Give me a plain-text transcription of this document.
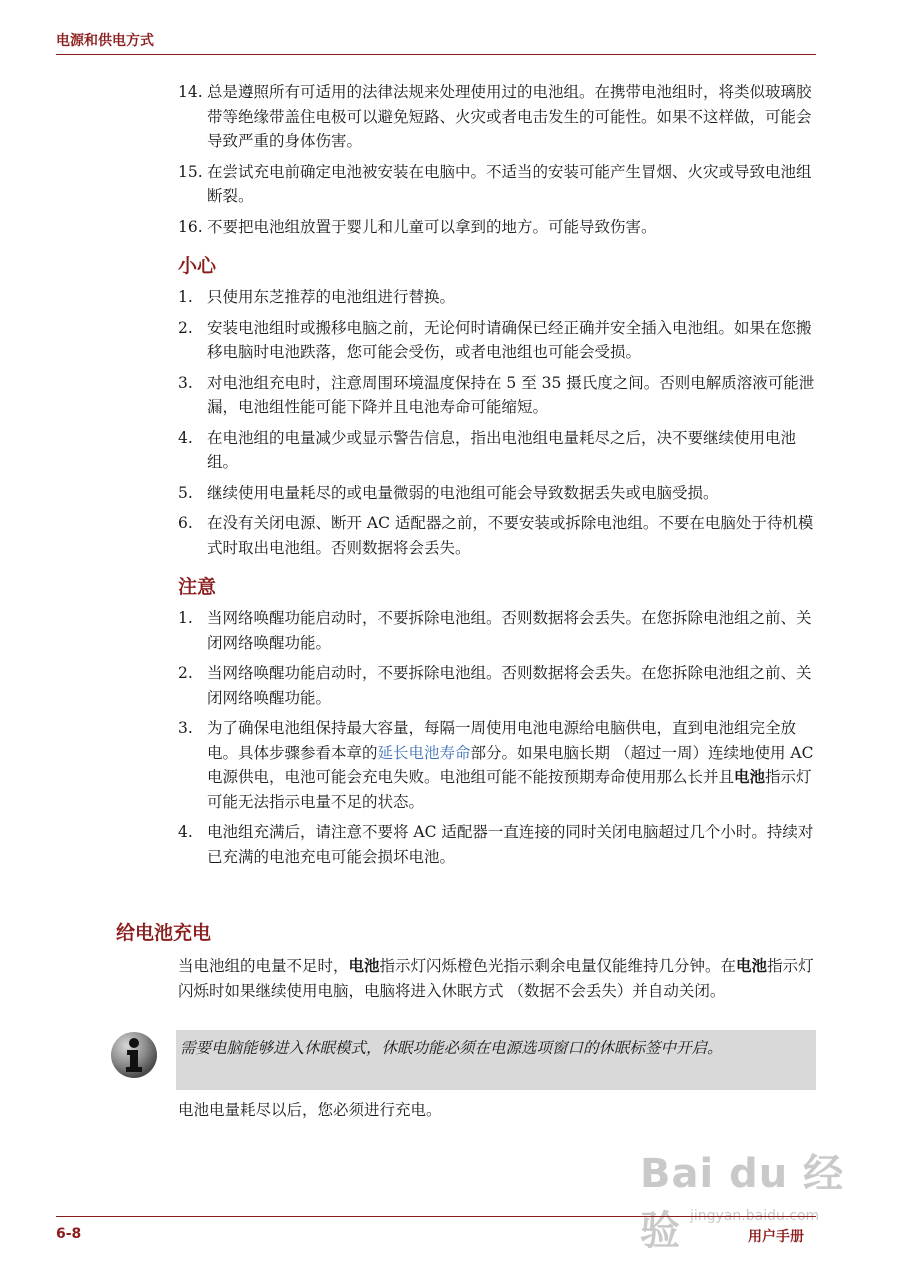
电源和供电方式
14. 总是遵照所有可适用的法律法规来处理使用过的电池组。在携带电池组时，将类似玻璃胶带等绝缘带盖住电极可以避免短路、火灾或者电击发生的可能性。如果不这样做，可能会导致严重的身体伤害。
15. 在尝试充电前确定电池被安装在电脑中。不适当的安装可能产生冒烟、火灾或导致电池组断裂。
16. 不要把电池组放置于婴儿和儿童可以拿到的地方。可能导致伤害。
小心
1. 只使用东芝推荐的电池组进行替换。
2. 安装电池组时或搬移电脑之前，无论何时请确保已经正确并安全插入电池组。如果在您搬移电脑时电池跌落，您可能会受伤，或者电池组也可能会受损。
3. 对电池组充电时，注意周围环境温度保持在 5 至 35 摄氏度之间。否则电解质溶液可能泄漏，电池组性能可能下降并且电池寿命可能缩短。
4. 在电池组的电量减少或显示警告信息，指出电池组电量耗尽之后，决不要继续使用电池组。
5. 继续使用电量耗尽的或电量微弱的电池组可能会导致数据丢失或电脑受损。
6. 在没有关闭电源、断开 AC 适配器之前，不要安装或拆除电池组。不要在电脑处于待机模式时取出电池组。否则数据将会丢失。
注意
1. 当网络唤醒功能启动时，不要拆除电池组。否则数据将会丢失。在您拆除电池组之前、关闭网络唤醒功能。
2. 当网络唤醒功能启动时，不要拆除电池组。否则数据将会丢失。在您拆除电池组之前、关闭网络唤醒功能。
3. 为了确保电池组保持最大容量，每隔一周使用电池电源给电脑供电，直到电池组完全放电。具体步骤参看本章的延长电池寿命部分。如果电脑长期 （超过一周）连续地使用 AC 电源供电，电池可能会充电失败。电池组可能不能按预期寿命使用那么长并且电池指示灯可能无法指示电量不足的状态。
4. 电池组充满后，请注意不要将 AC 适配器一直连接的同时关闭电脑超过几个小时。持续对已充满的电池充电可能会损坏电池。
给电池充电
当电池组的电量不足时，电池指示灯闪烁橙色光指示剩余电量仅能维持几分钟。在电池指示灯闪烁时如果继续使用电脑，电脑将进入休眠方式 （数据不会丢失）并自动关闭。
需要电脑能够进入休眠模式，休眠功能必须在电源选项窗口的休眠标签中开启。
电池电量耗尽以后，您必须进行充电。
Bai du 经验 jingyan.baidu.com
6-8	用户手册
